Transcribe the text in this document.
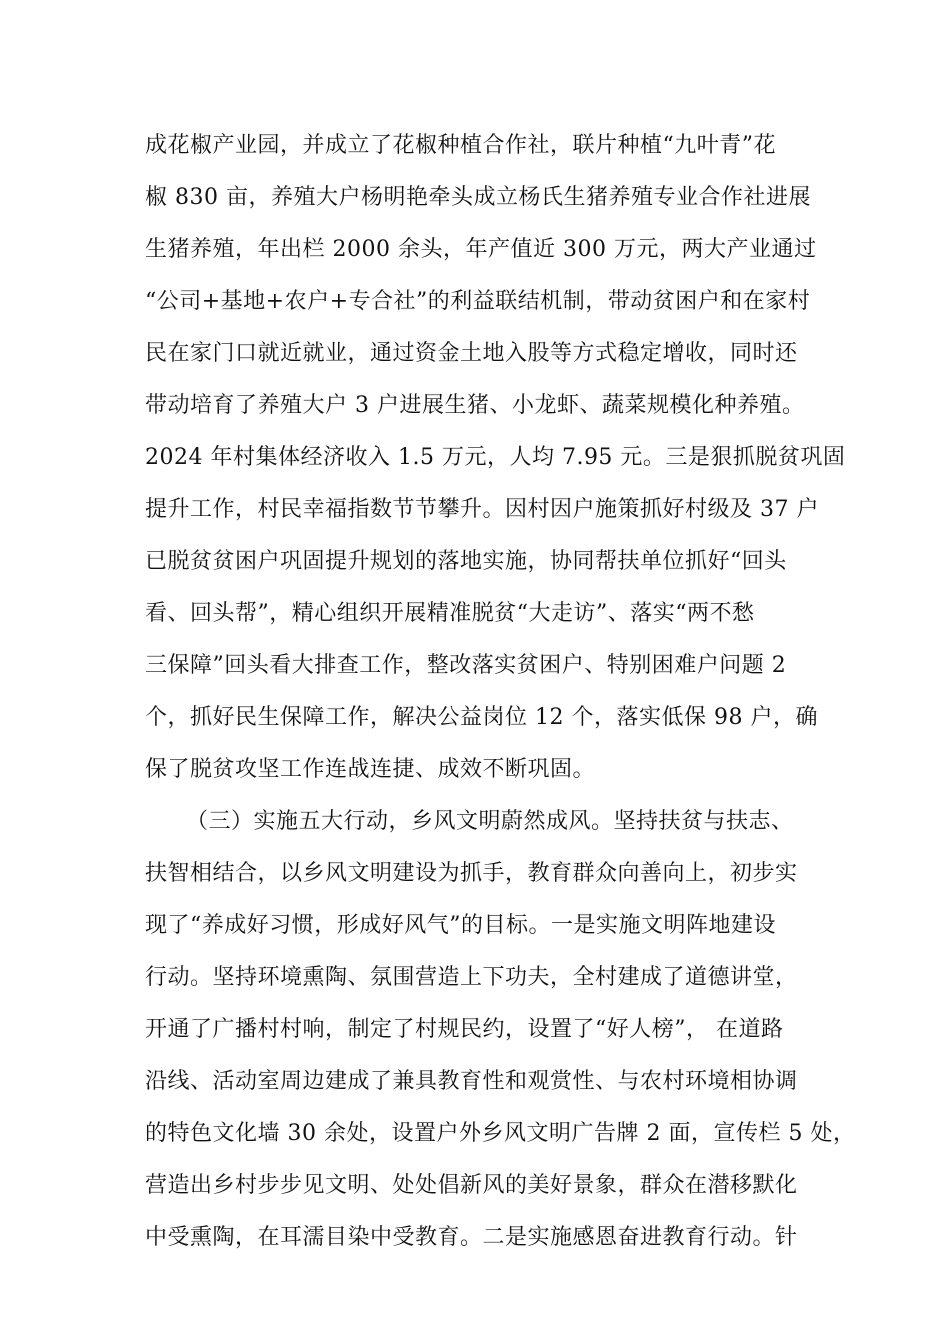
成花椒产业园，并成立了花椒种植合作社，联片种植“九叶青”花
椒 830 亩，养殖大户杨明艳牵头成立杨氏生猪养殖专业合作社进展
生猪养殖，年出栏 2000 余头，年产值近 300 万元，两大产业通过
“公司+基地+农户+专合社”的利益联结机制，带动贫困户和在家村
民在家门口就近就业，通过资金土地入股等方式稳定增收，同时还
带动培育了养殖大户 3 户进展生猪、小龙虾、蔬菜规模化种养殖。
2024 年村集体经济收入 1.5 万元，人均 7.95 元。三是狠抓脱贫巩固
提升工作，村民幸福指数节节攀升。因村因户施策抓好村级及 37 户
已脱贫贫困户巩固提升规划的落地实施，协同帮扶单位抓好“回头
看、回头帮”，精心组织开展精准脱贫“大走访”、落实“两不愁
三保障”回头看大排查工作，整改落实贫困户、特别困难户问题 2
个，抓好民生保障工作，解决公益岗位 12 个，落实低保 98 户，确
保了脱贫攻坚工作连战连捷、成效不断巩固。
（三）实施五大行动，乡风文明蔚然成风。坚持扶贫与扶志、
扶智相结合，以乡风文明建设为抓手，教育群众向善向上，初步实
现了“养成好习惯，形成好风气”的目标。一是实施文明阵地建设
行动。坚持环境熏陶、氛围营造上下功夫，全村建成了道德讲堂，
开通了广播村村响，制定了村规民约，设置了“好人榜”， 在道路
沿线、活动室周边建成了兼具教育性和观赏性、与农村环境相协调
的特色文化墙 30 余处，设置户外乡风文明广告牌 2 面，宣传栏 5 处，
营造出乡村步步见文明、处处倡新风的美好景象，群众在潜移默化
中受熏陶，在耳濡目染中受教育。二是实施感恩奋进教育行动。针
